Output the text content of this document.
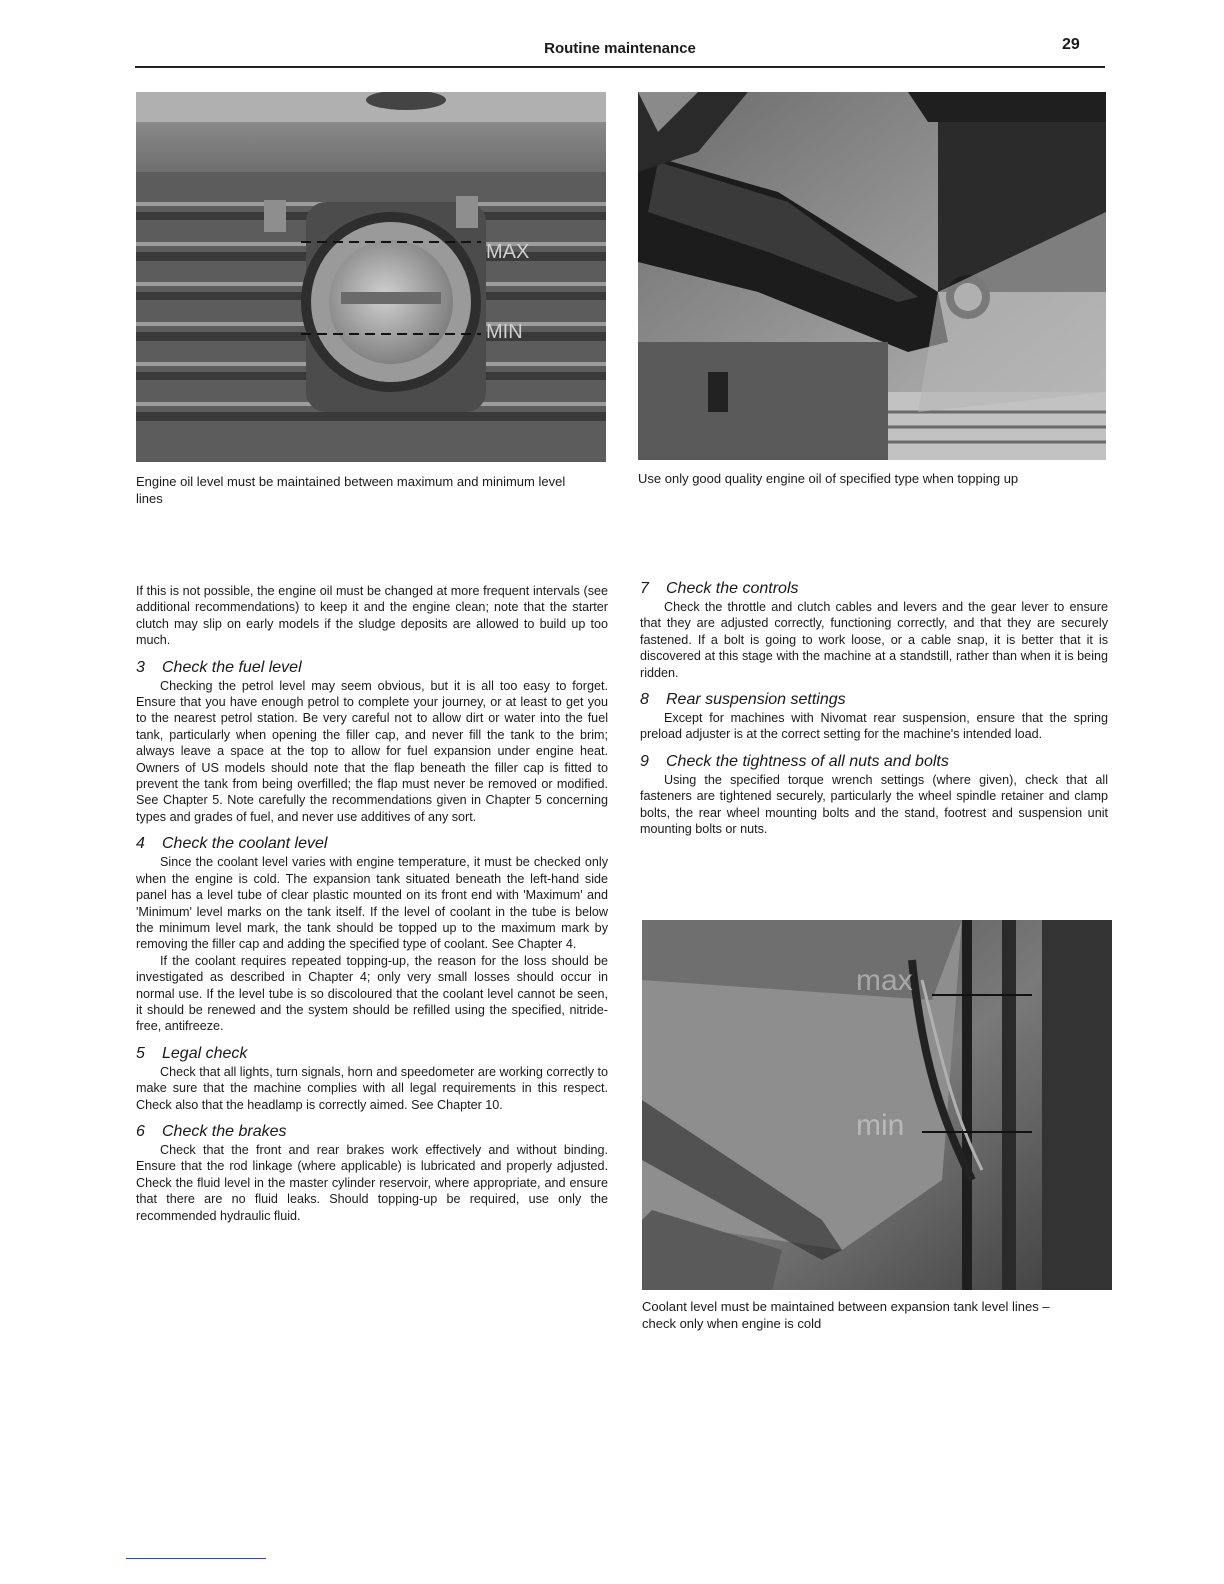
Routine maintenance	29
MAX
MIN
Engine oil level must be maintained between maximum and minimum level lines
Use only good quality engine oil of specified type when topping up
max
min
Coolant level must be maintained between expansion tank level lines – check only when engine is cold

If this is not possible, the engine oil must be changed at more frequent intervals (see additional recommendations) to keep it and the engine clean; note that the starter clutch may slip on early models if the sludge deposits are allowed to build up too much.

3 Check the fuel level

Checking the petrol level may seem obvious, but it is all too easy to forget. Ensure that you have enough petrol to complete your journey, or at least to get you to the nearest petrol station. Be very careful not to allow dirt or water into the fuel tank, particularly when opening the filler cap, and never fill the tank to the brim; always leave a space at the top to allow for fuel expansion under engine heat. Owners of US models should note that the flap beneath the filler cap is fitted to prevent the tank from being overfilled; the flap must never be removed or modified. See Chapter 5. Note carefully the recommendations given in Chapter 5 concerning types and grades of fuel, and never use additives of any sort.

4 Check the coolant level

Since the coolant level varies with engine temperature, it must be checked only when the engine is cold. The expansion tank situated beneath the left-hand side panel has a level tube of clear plastic mounted on its front end with 'Maximum' and 'Minimum' level marks on the tank itself. If the level of coolant in the tube is below the minimum level mark, the tank should be topped up to the maximum mark by removing the filler cap and adding the specified type of coolant. See Chapter 4.

If the coolant requires repeated topping-up, the reason for the loss should be investigated as described in Chapter 4; only very small losses should occur in normal use. If the level tube is so discoloured that the coolant level cannot be seen, it should be renewed and the system should be refilled using the specified, nitride-free, antifreeze.

5 Legal check

Check that all lights, turn signals, horn and speedometer are working correctly to make sure that the machine complies with all legal requirements in this respect. Check also that the headlamp is correctly aimed. See Chapter 10.

6 Check the brakes

Check that the front and rear brakes work effectively and without binding. Ensure that the rod linkage (where applicable) is lubricated and properly adjusted. Check the fluid level in the master cylinder reservoir, where appropriate, and ensure that there are no fluid leaks. Should topping-up be required, use only the recommended hydraulic fluid.

7 Check the controls

Check the throttle and clutch cables and levers and the gear lever to ensure that they are adjusted correctly, functioning correctly, and that they are securely fastened. If a bolt is going to work loose, or a cable snap, it is better that it is discovered at this stage with the machine at a standstill, rather than when it is being ridden.

8 Rear suspension settings

Except for machines with Nivomat rear suspension, ensure that the spring preload adjuster is at the correct setting for the machine's intended load.

9 Check the tightness of all nuts and bolts

Using the specified torque wrench settings (where given), check that all fasteners are tightened securely, particularly the wheel spindle retainer and clamp bolts, the rear wheel mounting bolts and the stand, footrest and suspension unit mounting bolts or nuts.
